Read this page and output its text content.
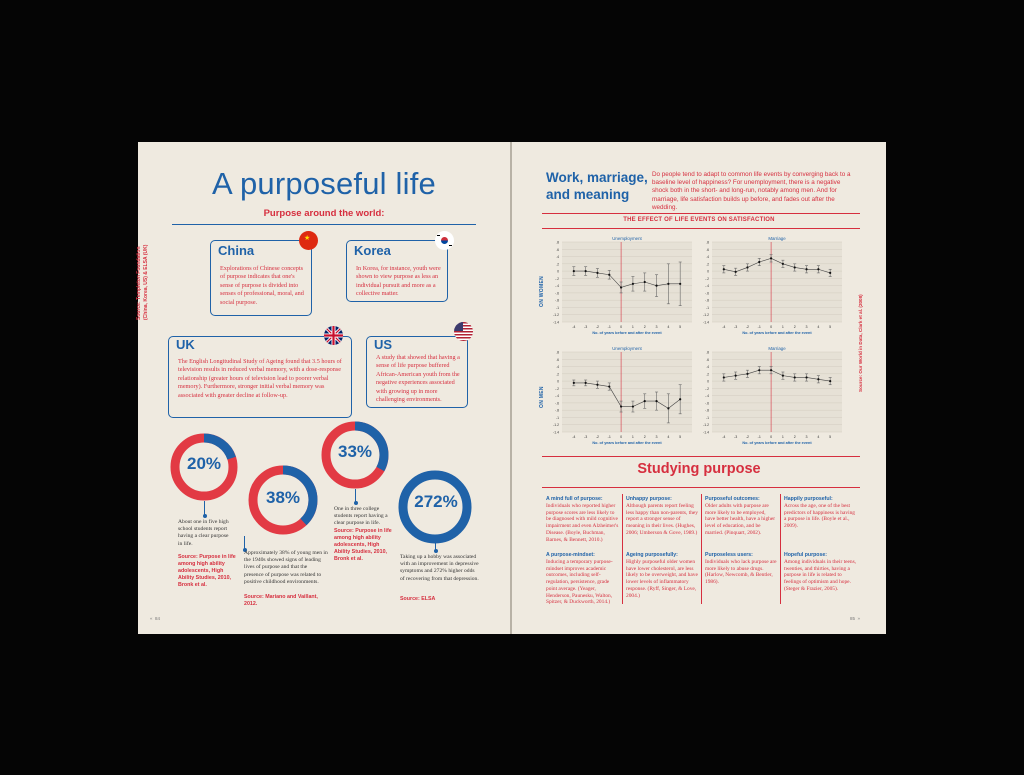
A purposeful life
Purpose around the world:
Source: Templeton Foundation (China, Korea, US) & ELSA (UK)	China
Explorations of Chinese concepts of purpose indicates that one's sense of purpose is divided into senses of professional, moral, and social purpose.
★
Korea
In Korea, for instance, youth were shown to view purpose as less an individual pursuit and more as a collective matter.
UK
The English Longitudinal Study of Ageing found that 3.5 hours of television results in reduced verbal memory, with a dose-response relationship (greater hours of television lead to poorer verbal memory). Furthermore, stronger initial verbal memory was associated with greater decline at follow-up.
US
A study that showed that having a sense of life purpose buffered African-American youth from the negative experiences associated with growing up in more challenging environments.
20%
38%
33%
272%
About one in five high school students report having a clear purpose in life.
Source: Purpose in life among high ability adolescents, High Ability Studies, 2010, Bronk et al.
Approximately 38% of young men in the 1940s showed signs of leading lives of purpose and that the presence of purpose was related to positive childhood environments.
Source: Mariano and Vaillant, 2012.
One in three college students report having a clear purpose in life.
Source: Purpose in life among high ability adolescents, High Ability Studies, 2010, Bronk et al.	Taking up a hobby was associated with an improvement in depressive symptoms and 272% higher odds of recovering from that depression.
Source: ELSA
« 84
Work, marriage, and meaning
Do people tend to adapt to common life events by converging back to a baseline level of happiness? For unemployment, there is a negative shock both in the short- and long-run, notably among men. And for marriage, life satisfaction builds up before, and fades out after the wedding.
THE EFFECT OF LIFE EVENTS ON SATISFACTION
.8
.6
.4
.2
0
-.2
-.4
-.6
-.8
-1
-1.2
-1.4
-4 -3 -2 -1	0	1	2	3	4	5
Unemployment
No. of years before and after the event
.8
.6
.4
.2
0
-.2
-.4
-.6
-.8
-1
-1.2
-1.4
-4 -3 -2 -1	0	1	2	3	4	5
Marriage
No. of years before and after the event
.8
.6
.4
.2
0
-.2
-.4
-.6
-.8
-1
-1.2
-1.4
-4 -3 -2 -1	0	1	2	3	4	5
Unemployment
No. of years before and after the event
.8
.6
.4
.2
0
-.2
-.4
-.6
-.8
-1
-1.2
-1.4
-4 -3 -2 -1	0	1	2	3	4	5
Marriage
No. of years before and after the event
ON WOMEN
ON MEN
Source: Our World in Data, Clark et al. (2008)
Studying purpose
A mind full of purpose:
Individuals who reported higher purpose scores are less likely to be diagnosed with mild cognitive impairment and even Alzheimer's Disease. (Boyle, Buchman, Barnes, & Bennett, 2010.)
A purpose-mindset:
Inducing a temporary purpose-mindset improves academic outcomes, including self-regulation, persistence, grade point average. (Yeager, Henderson, Paunesku, Walton, Spitzer, & Duckworth, 2014.)
Unhappy purpose:
Although parents report feeling less happy than non-parents, they report a stronger sense of meaning in their lives. (Hughes, 2006; Umberson & Gove, 1989.)
Ageing purposefully:
Highly purposeful older women have lower cholesterol, are less likely to be overweight, and have lower levels of inflammatory response. (Ryff, Singer, & Love, 2004.)
Purposeful outcomes:
Older adults with purpose are more likely to be employed, have better health, have a higher level of education, and be married. (Pinquart, 2002).
Purposeless users:
Individuals who lack purpose are more likely to abuse drugs. (Harlow, Newcomb, & Bentler, 1986).
Happily purposeful:
Across the age, one of the best predictors of happiness is having a purpose in life. (Boyle et al., 2009).
Hopeful purpose:
Among individuals in their teens, twenties, and thirties, having a purpose in life is related to feelings of optimism and hope. (Steger & Frazier, 2005).
85 »
